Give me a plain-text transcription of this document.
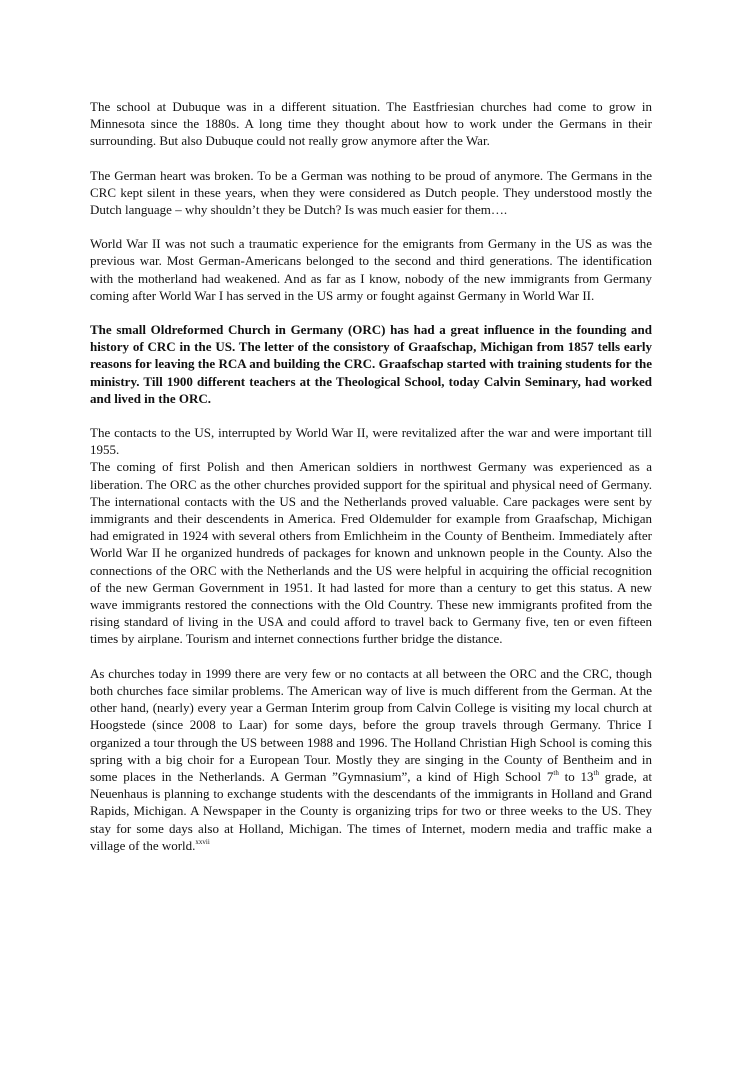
The school at Dubuque was in a different situation. The Eastfriesian churches had come to grow in Minnesota since the 1880s. A long time they thought about how to work under the Germans in their surrounding. But also Dubuque could not really grow anymore after the War.

The German heart was broken. To be a German was nothing to be proud of anymore. The Germans in the CRC kept silent in these years, when they were considered as Dutch people. They understood mostly the Dutch language – why shouldn’t they be Dutch? Is was much easier for them….

World War II was not such a traumatic experience for the emigrants from Germany in the US as was the previous war. Most German-Americans belonged to the second and third generations. The identification with the motherland had weakened. And as far as I know, nobody of the new immigrants from Germany coming after World War I has served in the US army or fought against Germany in World War II.

The small Oldreformed Church in Germany (ORC) has had a great influence in the founding and history of CRC in the US. The letter of the consistory of Graafschap, Michigan from 1857 tells early reasons for leaving the RCA and building the CRC. Graafschap started with training students for the ministry. Till 1900 different teachers at the Theological School, today Calvin Seminary, had worked and lived in the ORC.

The contacts to the US, interrupted by World War II, were revitalized after the war and were important till 1955.

The coming of first Polish and then American soldiers in northwest Germany was experienced as a liberation. The ORC as the other churches provided support for the spiritual and physical need of Germany. The international contacts with the US and the Netherlands proved valuable. Care packages were sent by immigrants and their descendents in America. Fred Oldemulder for example from Graafschap, Michigan had emigrated in 1924 with several others from Emlichheim in the County of Bentheim. Immediately after World War II he organized hundreds of packages for known and unknown people in the County. Also the connections of the ORC with the Netherlands and the US were helpful in acquiring the official recognition of the new German Government in 1951. It had lasted for more than a century to get this status. A new wave immigrants restored the connections with the Old Country. These new immigrants profited from the rising standard of living in the USA and could afford to travel back to Germany five, ten or even fifteen times by airplane. Tourism and internet connections further bridge the distance.

As churches today in 1999 there are very few or no contacts at all between the ORC and the CRC, though both churches face similar problems. The American way of live is much different from the German. At the other hand, (nearly) every year a German Interim group from Calvin College is visiting my local church at Hoogstede (since 2008 to Laar) for some days, before the group travels through Germany. Thrice I organized a tour through the US between 1988 and 1996. The Holland Christian High School is coming this spring with a big choir for a European Tour. Mostly they are singing in the County of Bentheim and in some places in the Netherlands. A German ”Gymnasium”, a kind of High School 7th to 13th grade, at Neuenhaus is planning to exchange students with the descendants of the immigrants in Holland and Grand Rapids, Michigan. A Newspaper in the County is organizing trips for two or three weeks to the US. They stay for some days also at Holland, Michigan. The times of Internet, modern media and traffic make a village of the world.$^{xxvii}$
